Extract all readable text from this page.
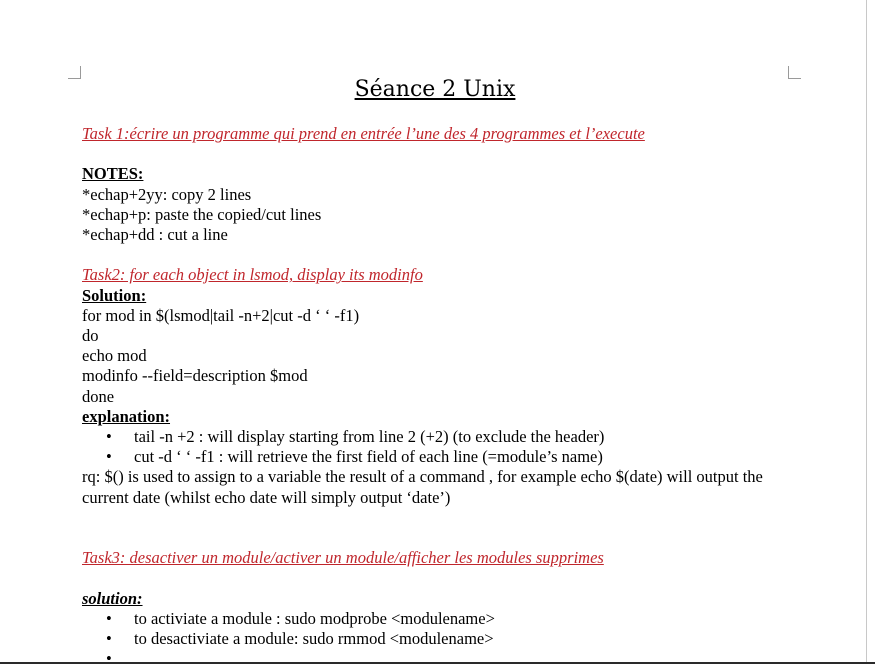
Séance 2 Unix
Task 1:écrire un programme qui prend en entrée l’une des 4 programmes et l’execute
NOTES:
*echap+2yy: copy 2 lines
*echap+p: paste the copied/cut lines
*echap+dd : cut a line
Task2: for each object in lsmod, display its modinfo
Solution:
for mod in $(lsmod|tail -n+2|cut -d ‘ ‘ -f1)
do
echo mod
modinfo --field=description $mod
done
explanation:
• tail -n +2 : will display starting from line 2 (+2) (to exclude the header)
• cut -d ‘ ‘ -f1 : will retrieve the first field of each line (=module’s name)
rq: $() is used to assign to a variable the result of a command , for example echo $(date) will output the current date (whilst echo date will simply output ‘date’)
Task3: desactiver un module/activer un module/afficher les modules supprimes
solution:
• to activiate a module : sudo modprobe <modulename>
• to desactiviate a module: sudo rmmod <modulename>
•
